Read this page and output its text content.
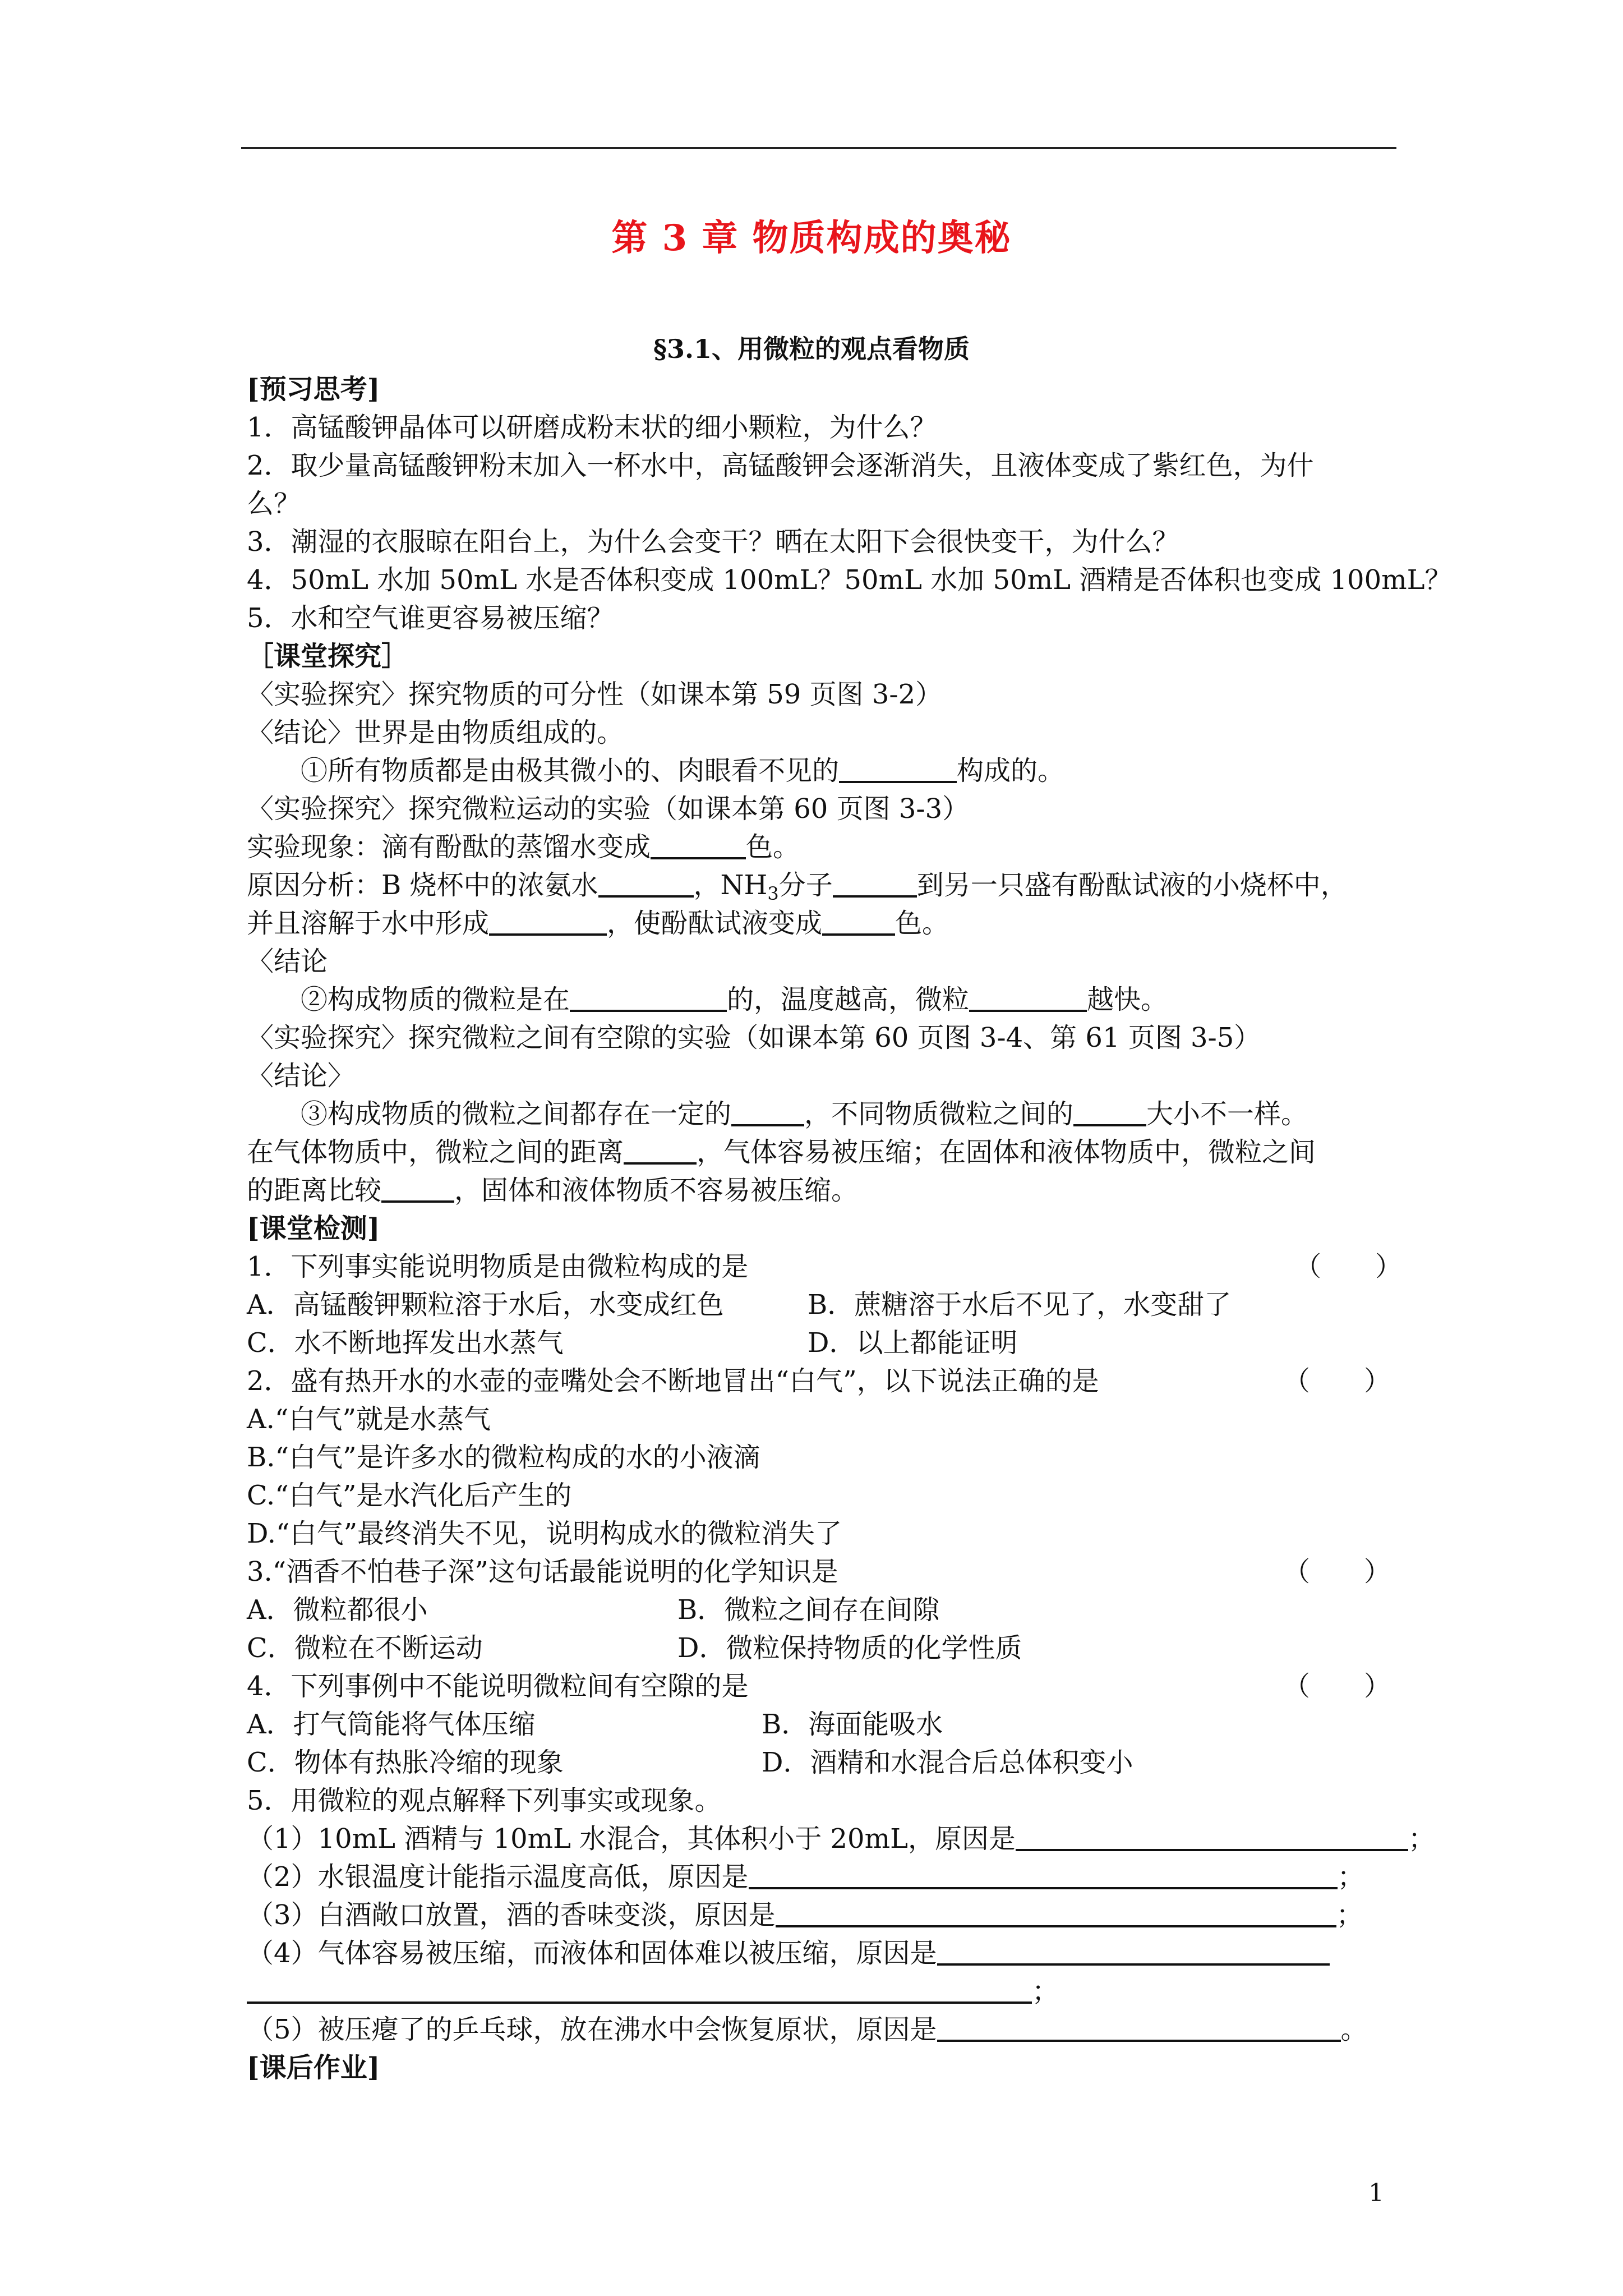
第 3 章 物质构成的奥秘
§3.1、用微粒的观点看物质
[预习思考]
1．高锰酸钾晶体可以研磨成粉末状的细小颗粒，为什么？
2．取少量高锰酸钾粉末加入一杯水中，高锰酸钾会逐渐消失，且液体变成了紫红色，为什
么？
3．潮湿的衣服晾在阳台上，为什么会变干？晒在太阳下会很快变干，为什么？
4．50mL 水加 50mL 水是否体积变成 100mL？50mL 水加 50mL 酒精是否体积也变成 100mL？
5．水和空气谁更容易被压缩？
［课堂探究］
〈实验探究〉探究物质的可分性（如课本第 59 页图 3-2）
〈结论〉世界是由物质组成的。
①所有物质都是由极其微小的、肉眼看不见的	构成的。
〈实验探究〉探究微粒运动的实验（如课本第 60 页图 3-3）
实验现象：滴有酚酞的蒸馏水变成	色。
原因分析：B 烧杯中的浓氨水	，$NH_3$分子	到另一只盛有酚酞试液的小烧杯中，
并且溶解于水中形成	，使酚酞试液变成	色。
〈结论
②构成物质的微粒是在	的，温度越高，微粒	越快。
〈实验探究〉探究微粒之间有空隙的实验（如课本第 60 页图 3-4、第 61 页图 3-5）
〈结论〉
③构成物质的微粒之间都存在一定的	，不同物质微粒之间的	大小不一样。
在气体物质中，微粒之间的距离	，气体容易被压缩；在固体和液体物质中，微粒之间
的距离比较	，固体和液体物质不容易被压缩。
[课堂检测]
1．下列事实能说明物质是由微粒构成的是	（　　）
A．高锰酸钾颗粒溶于水后，水变成红色	B．蔗糖溶于水后不见了，水变甜了
C．水不断地挥发出水蒸气	D．以上都能证明
2．盛有热开水的水壶的壶嘴处会不断地冒出“白气”，以下说法正确的是	（　　）
A.“白气”就是水蒸气
B.“白气”是许多水的微粒构成的水的小液滴
C.“白气”是水汽化后产生的
D.“白气”最终消失不见，说明构成水的微粒消失了
3.“酒香不怕巷子深”这句话最能说明的化学知识是	（　　）
A．微粒都很小	B．微粒之间存在间隙
C．微粒在不断运动	D．微粒保持物质的化学性质
4．下列事例中不能说明微粒间有空隙的是	（　　）
A．打气筒能将气体压缩	B．海面能吸水
C．物体有热胀冷缩的现象	D．酒精和水混合后总体积变小
5．用微粒的观点解释下列事实或现象。
（1）10mL 酒精与 10mL 水混合，其体积小于 20mL，原因是	；
（2）水银温度计能指示温度高低，原因是	；
（3）白酒敞口放置，酒的香味变淡，原因是	；
（4）气体容易被压缩，而液体和固体难以被压缩，原因是
；
（5）被压瘪了的乒乓球，放在沸水中会恢复原状，原因是	。
[课后作业]
1
